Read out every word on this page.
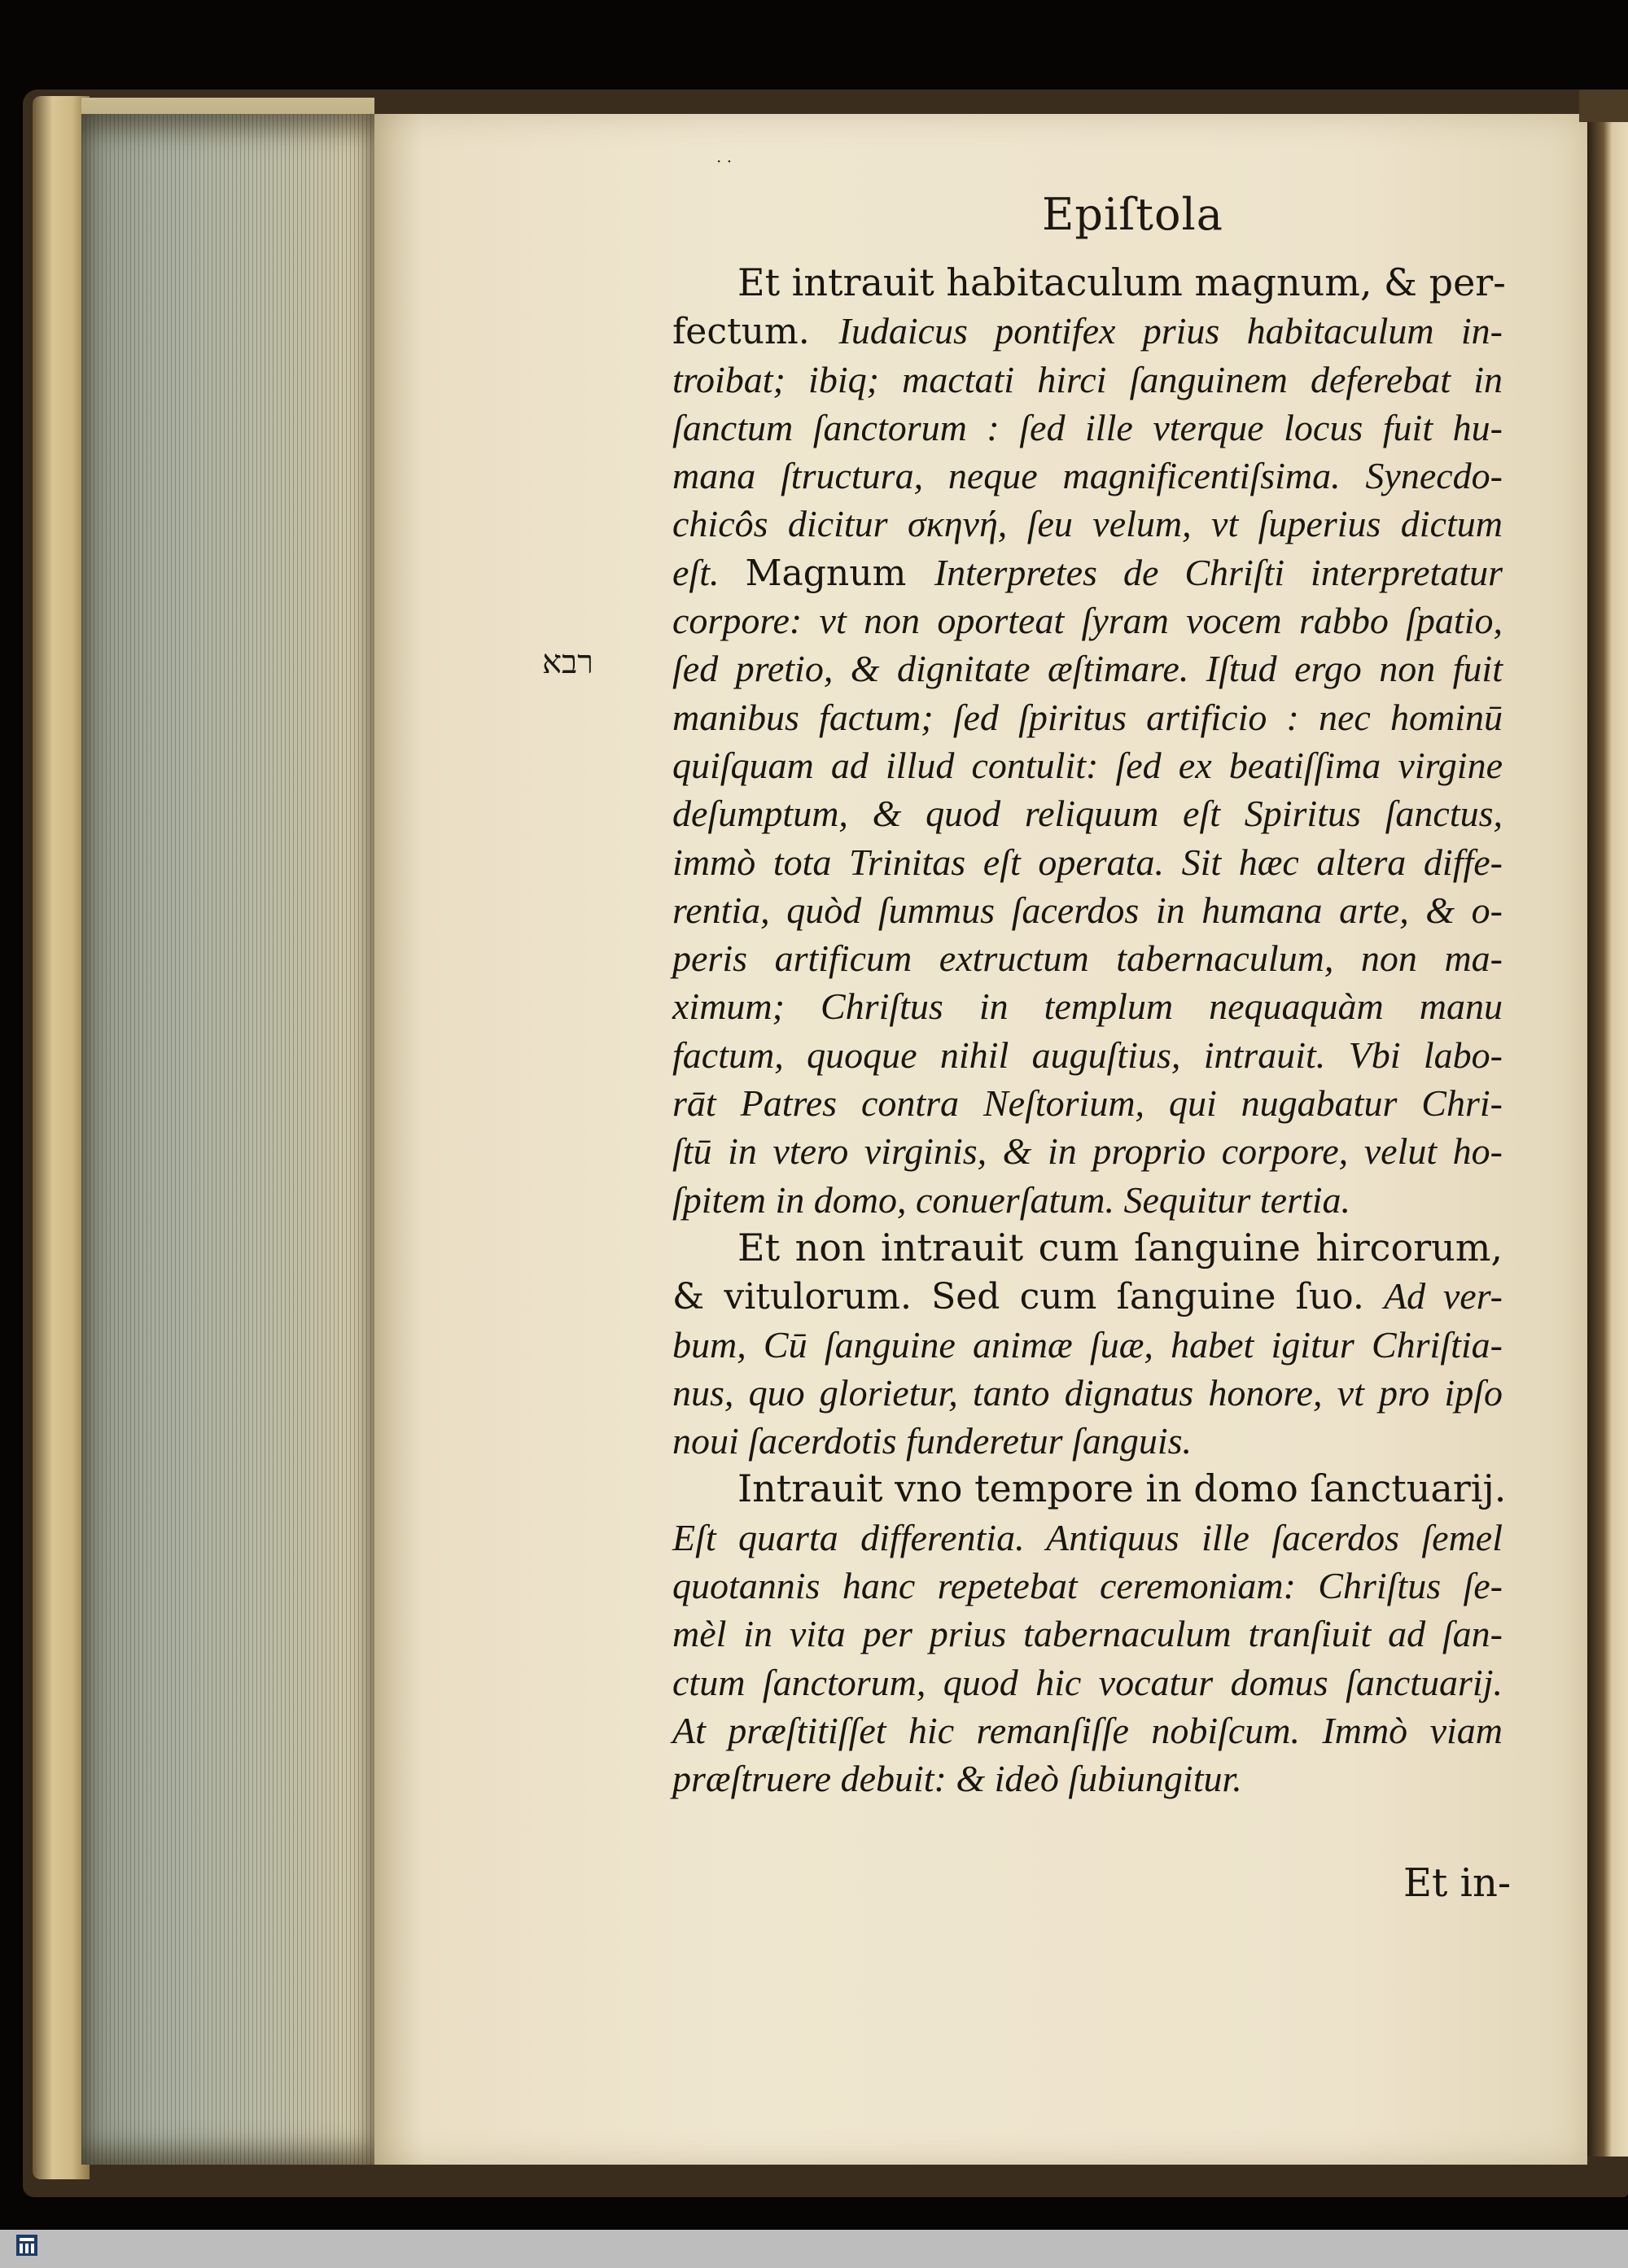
· ·
Epiſtola
רבא
Et intrauit habitaculum magnum, & per-
fectum. Iudaicus pontifex prius habitaculum in-
troibat; ibiq; mactati hirci ſanguinem deferebat in
ſanctum ſanctorum : ſed ille vterque locus fuit hu-
mana ſtructura, neque magnificentiſsima. Synecdo-
chicôs dicitur σκηνή, ſeu velum, vt ſuperius dictum
eſt. Magnum Interpretes de Chriſti interpretatur
corpore: vt non oporteat ſyram vocem rabbo ſpatio,
ſed pretio, & dignitate æſtimare. Iſtud ergo non fuit
manibus factum; ſed ſpiritus artificio : nec hominū
quiſquam ad illud contulit: ſed ex beatiſſima virgine
deſumptum, & quod reliquum eſt Spiritus ſanctus,
immò tota Trinitas eſt operata. Sit hæc altera diffe-
rentia, quòd ſummus ſacerdos in humana arte, & o-
peris artificum extructum tabernaculum, non ma-
ximum; Chriſtus in templum nequaquàm manu
factum, quoque nihil auguſtius, intrauit. Vbi labo-
rāt Patres contra Neſtorium, qui nugabatur Chri-
ſtū in vtero virginis, & in proprio corpore, velut ho-
ſpitem in domo, conuerſatum. Sequitur tertia.
Et non intrauit cum ſanguine hircorum,
& vitulorum. Sed cum ſanguine ſuo. Ad ver-
bum, Cū ſanguine animæ ſuæ, habet igitur Chriſtia-
nus, quo glorietur, tanto dignatus honore, vt pro ipſo
noui ſacerdotis funderetur ſanguis.
Intrauit vno tempore in domo ſanctuarij.
Eſt quarta differentia. Antiquus ille ſacerdos ſemel
quotannis hanc repetebat ceremoniam: Chriſtus ſe-
mèl in vita per prius tabernaculum tranſiuit ad ſan-
ctum ſanctorum, quod hic vocatur domus ſanctuarij.
At præſtitiſſet hic remanſiſſe nobiſcum. Immò viam
præſtruere debuit: & ideò ſubiungitur.
Et in-
